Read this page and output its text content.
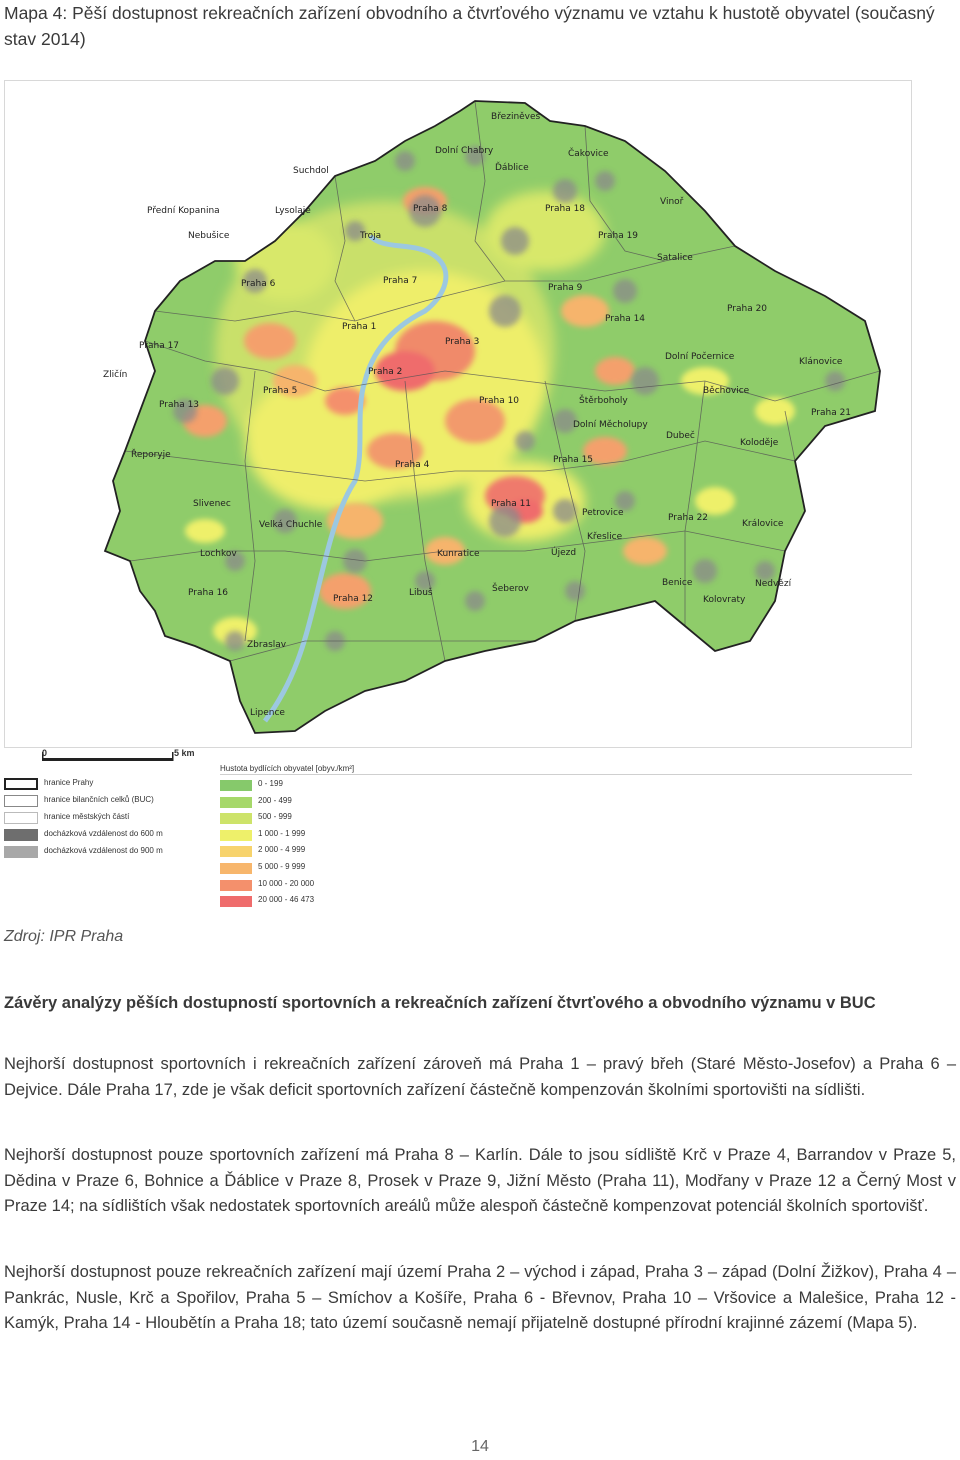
Mapa 4: Pěší dostupnost rekreačních zařízení obvodního a čtvrťového významu ve vztahu k hustotě obyvatel (současný stav 2014)
Březiněves
Dolní Chabry
Ďáblice
Čakovice
Suchdol
Praha 8	Praha 18
Vinoř
Přední Kopanina	Lysolaje
Troja	Praha 19
Nebušice
Praha 9
Satalice
Praha 6	Praha 7
Praha 20
Praha 14
Praha 1
Praha 3
Praha 17
Praha 2
Dolní Počernice	Klánovice
Zličín
Praha 10
Běchovice
Praha 13
Praha 5
Štěrboholy
Dolní Měcholupy
Praha 21
Řeporyje
Dubeč
Koloděje
Praha 4	Praha 15
Praha 11
Slivenec
Praha 22
Petrovice
Královice
Velká Chuchle
Křeslice
Lochkov	Kunratice	Újezd
Praha 16
Praha 12
Libuš	Šeberov
Benice	Nedvězí
Kolovraty
Zbraslav
Lipence
0	5 km
hranice Prahy
hranice bilančních celků (BUC)
hranice městských částí
docházková vzdálenost do 600 m
docházková vzdálenost do 900 m
Hustota bydlících obyvatel [obyv./km²]
0 - 199
200 - 499
500 - 999
1 000 - 1 999
2 000 - 4 999
5 000 - 9 999
10 000 - 20 000
20 000 - 46 473
Zdroj: IPR Praha
Závěry analýzy pěších dostupností sportovních a rekreačních zařízení čtvrťového a obvodního významu v BUC
Nejhorší dostupnost sportovních i rekreačních zařízení zároveň má Praha 1 – pravý břeh (Staré Město-Josefov) a Praha 6 – Dejvice. Dále Praha 17, zde je však deficit sportovních zařízení částečně kompenzován školními sportovišti na sídlišti.
Nejhorší dostupnost pouze sportovních zařízení má Praha 8 – Karlín. Dále to jsou sídliště Krč v Praze 4, Barrandov v Praze 5, Dědina v Praze 6, Bohnice a Ďáblice v Praze 8, Prosek v Praze 9, Jižní Město (Praha 11), Modřany v Praze 12 a Černý Most v Praze 14; na sídlištích však nedostatek sportovních areálů může alespoň částečně kompenzovat potenciál školních sportovišť.
Nejhorší dostupnost pouze rekreačních zařízení mají území Praha 2 – východ i západ, Praha 3 – západ (Dolní Žižkov), Praha 4 – Pankrác, Nusle, Krč a Spořilov, Praha 5 – Smíchov a Košíře, Praha 6 - Břevnov, Praha 10 – Vršovice a Malešice, Praha 12 - Kamýk, Praha 14 - Hloubětín a Praha 18; tato území současně nemají přijatelně dostupné přírodní krajinné zázemí (Mapa 5).
14
